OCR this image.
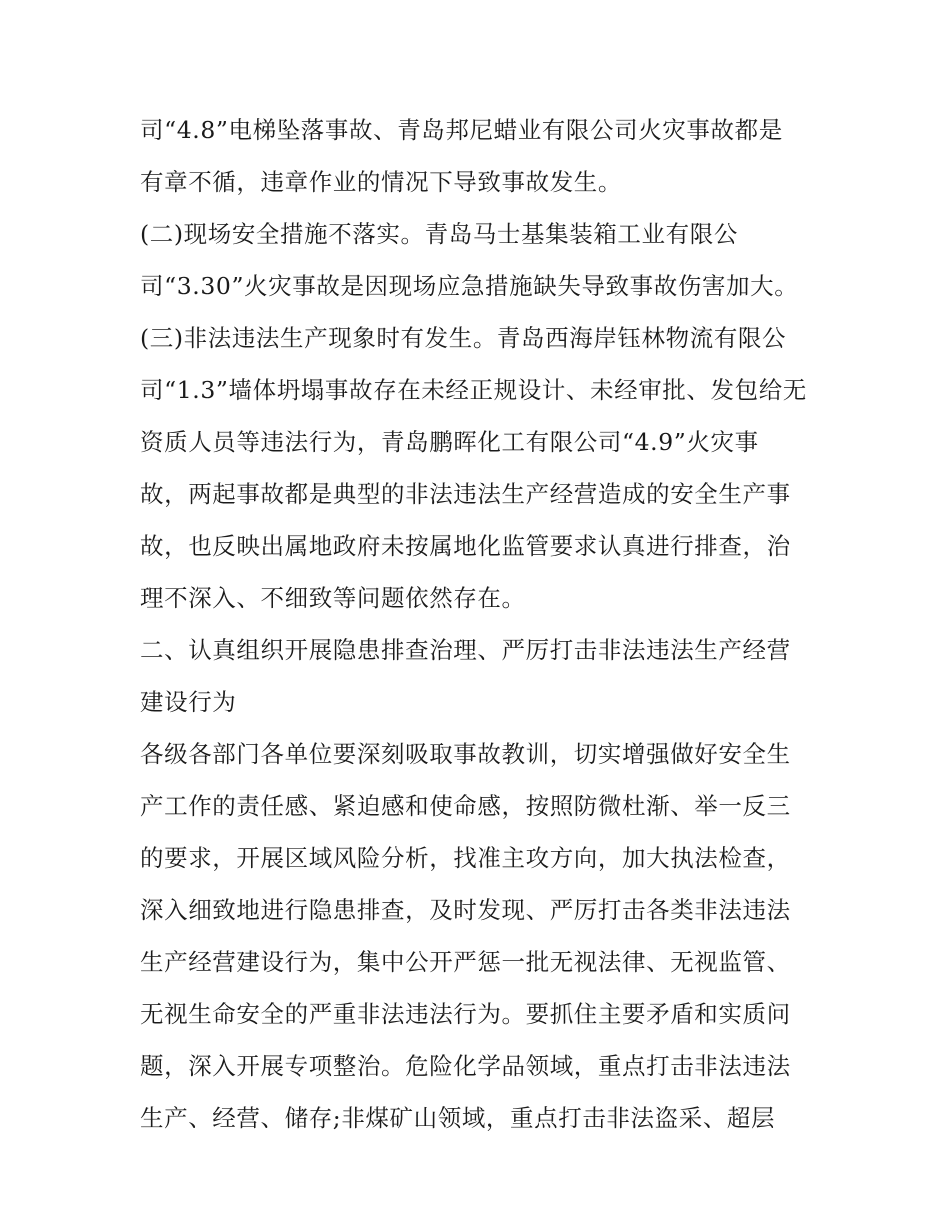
司“4.8”电梯坠落事故、青岛邦尼蜡业有限公司火灾事故都是
有章不循，违章作业的情况下导致事故发生。
(二)现场安全措施不落实。青岛马士基集装箱工业有限公
司“3.30”火灾事故是因现场应急措施缺失导致事故伤害加大。
(三)非法违法生产现象时有发生。青岛西海岸钰林物流有限公
司“1.3”墙体坍塌事故存在未经正规设计、未经审批、发包给无
资质人员等违法行为，青岛鹏晖化工有限公司“4.9”火灾事
故，两起事故都是典型的非法违法生产经营造成的安全生产事
故，也反映出属地政府未按属地化监管要求认真进行排查，治
理不深入、不细致等问题依然存在。
二、认真组织开展隐患排查治理、严厉打击非法违法生产经营
建设行为
各级各部门各单位要深刻吸取事故教训，切实增强做好安全生
产工作的责任感、紧迫感和使命感，按照防微杜渐、举一反三
的要求，开展区域风险分析，找准主攻方向，加大执法检查，
深入细致地进行隐患排查，及时发现、严厉打击各类非法违法
生产经营建设行为，集中公开严惩一批无视法律、无视监管、
无视生命安全的严重非法违法行为。要抓住主要矛盾和实质问
题，深入开展专项整治。危险化学品领域，重点打击非法违法
生产、经营、储存;非煤矿山领域，重点打击非法盗采、超层
